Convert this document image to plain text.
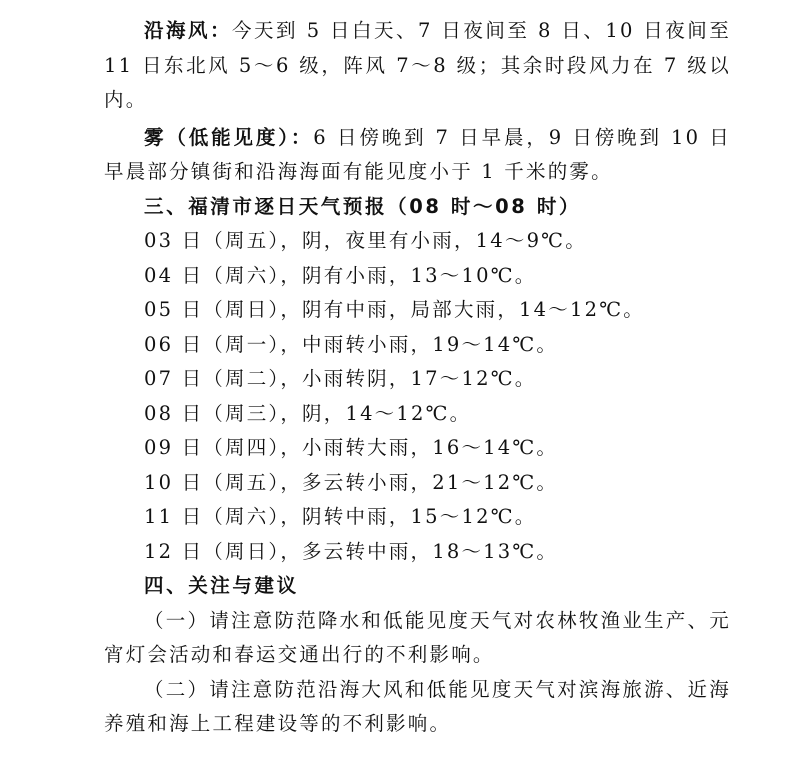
沿海风：今天到 5 日白天、7 日夜间至 8 日、10 日夜间至 11 日东北风 5～6 级，阵风 7～8 级；其余时段风力在 7 级以内。

雾（低能见度）：6 日傍晚到 7 日早晨，9 日傍晚到 10 日早晨部分镇街和沿海海面有能见度小于 1 千米的雾。

三、福清市逐日天气预报（08 时～08 时）

03 日（周五），阴，夜里有小雨，14～9℃。

04 日（周六），阴有小雨，13～10℃。

05 日（周日），阴有中雨，局部大雨，14～12℃。

06 日（周一），中雨转小雨，19～14℃。

07 日（周二），小雨转阴，17～12℃。

08 日（周三），阴，14～12℃。

09 日（周四），小雨转大雨，16～14℃。

10 日（周五），多云转小雨，21～12℃。

11 日（周六），阴转中雨，15～12℃。

12 日（周日），多云转中雨，18～13℃。

四、关注与建议

（一）请注意防范降水和低能见度天气对农林牧渔业生产、元宵灯会活动和春运交通出行的不利影响。

（二）请注意防范沿海大风和低能见度天气对滨海旅游、近海养殖和海上工程建设等的不利影响。
